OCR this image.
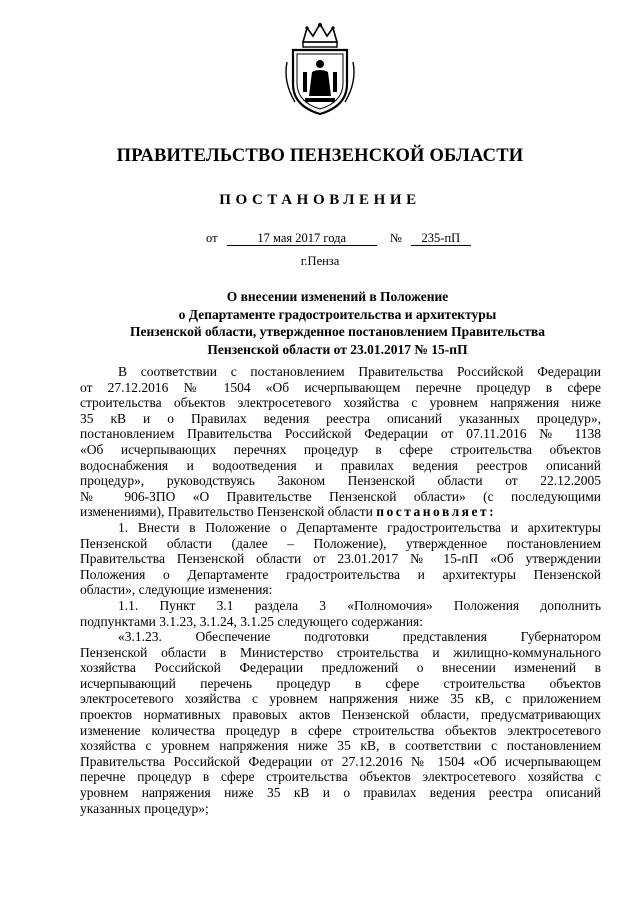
ПРАВИТЕЛЬСТВО ПЕНЗЕНСКОЙ ОБЛАСТИ
ПОСТАНОВЛЕНИЕ
от	17 мая 2017 года	№ 235-пП
г.Пенза
О внесении изменений в Положение
о Департаменте градостроительства и архитектуры
Пензенской области, утвержденное постановлением Правительства
Пензенской области от 23.01.2017 № 15-пП
В соответствии с постановлением Правительства Российской Федерации
от 27.12.2016 № 1504 «Об исчерпывающем перечне процедур в сфере
строительства объектов электросетевого хозяйства с уровнем напряжения ниже
35 кВ и о Правилах ведения реестра описаний указанных процедур»,
постановлением Правительства Российской Федерации от 07.11.2016 № 1138
«Об исчерпывающих перечнях процедур в сфере строительства объектов
водоснабжения и водоотведения и правилах ведения реестров описаний
процедур», руководствуясь Законом Пензенской области от 22.12.2005
№ 906-ЗПО «О Правительстве Пензенской области» (с последующими
изменениями), Правительство Пензенской области постановляет:
1. Внести в Положение о Департаменте градостроительства и архитектуры
Пензенской области (далее – Положение), утвержденное постановлением
Правительства Пензенской области от 23.01.2017 № 15-пП «Об утверждении
Положения о Департаменте градостроительства и архитектуры Пензенской
области», следующие изменения:
1.1. Пункт 3.1 раздела 3 «Полномочия» Положения дополнить
подпунктами 3.1.23, 3.1.24, 3.1.25 следующего содержания:
«3.1.23. Обеспечение подготовки представления Губернатором
Пензенской области в Министерство строительства и жилищно-коммунального
хозяйства Российской Федерации предложений о внесении изменений в
исчерпывающий перечень процедур в сфере строительства объектов
электросетевого хозяйства с уровнем напряжения ниже 35 кВ, с приложением
проектов нормативных правовых актов Пензенской области, предусматривающих
изменение количества процедур в сфере строительства объектов электросетевого
хозяйства с уровнем напряжения ниже 35 кВ, в соответствии с постановлением
Правительства Российской Федерации от 27.12.2016 № 1504 «Об исчерпывающем
перечне процедур в сфере строительства объектов электросетевого хозяйства с
уровнем напряжения ниже 35 кВ и о правилах ведения реестра описаний
указанных процедур»;
